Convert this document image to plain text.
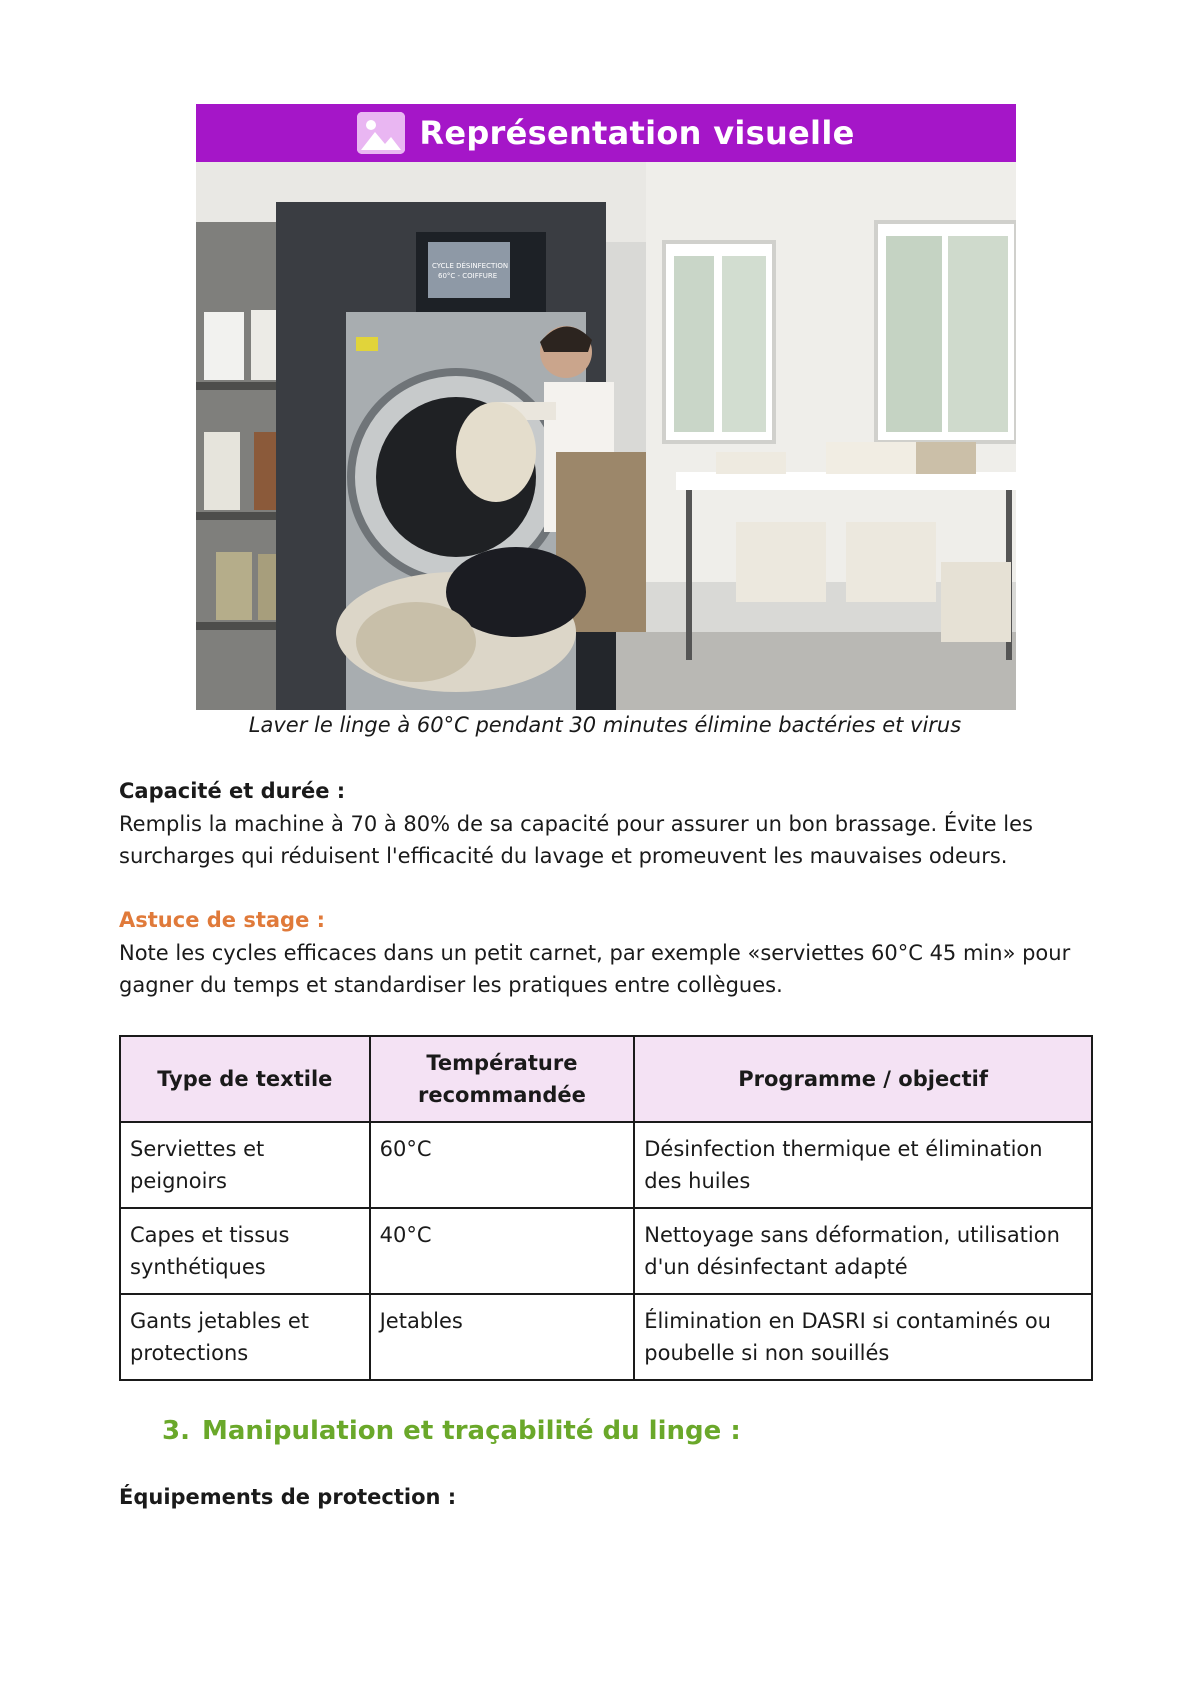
Représentation visuelle
CYCLE DÉSINFECTION
60°C - COIFFURE
Laver le linge à 60°C pendant 30 minutes élimine bactéries et virus
Capacité et durée :
Remplis la machine à 70 à 80% de sa capacité pour assurer un bon brassage. Évite les surcharges qui réduisent l'efficacité du lavage et promeuvent les mauvaises odeurs.
Astuce de stage :
Note les cycles efficaces dans un petit carnet, par exemple «serviettes 60°C 45 min» pour gagner du temps et standardiser les pratiques entre collègues.
Type de textile	Température recommandée	Programme / objectif
Serviettes et peignoirs	60°C	Désinfection thermique et élimination des huiles
Capes et tissus synthétiques	40°C	Nettoyage sans déformation, utilisation d'un désinfectant adapté
Gants jetables et protections	Jetables	Élimination en DASRI si contaminés ou poubelle si non souillés
3. Manipulation et traçabilité du linge :
Équipements de protection :
